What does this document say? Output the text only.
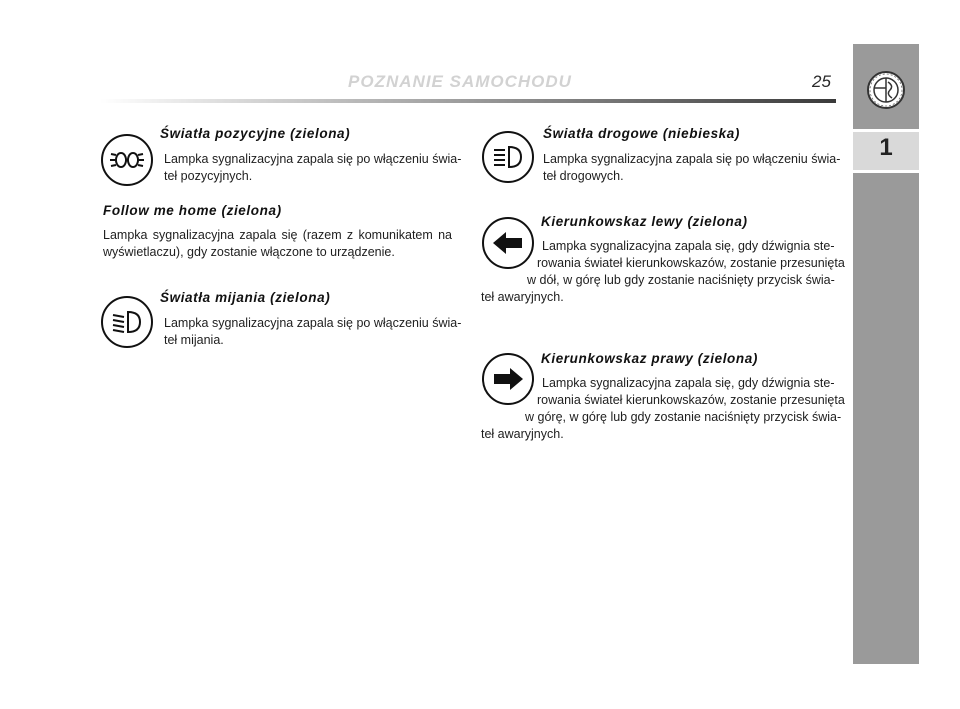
POZNANIE SAMOCHODU	25
1
Światła pozycyjne (zielona)
Lampka sygnalizacyjna zapala się po włączeniu świa-
teł pozycyjnych.
Follow me home (zielona)
Lampka sygnalizacyjna zapala się (razem z komunikatem na
wyświetlaczu), gdy zostanie włączone to urządzenie.
Światła mijania (zielona)
Lampka sygnalizacyjna zapala się po włączeniu świa-
teł mijania.
Światła drogowe (niebieska)
Lampka sygnalizacyjna zapala się po włączeniu świa-
teł drogowych.
Kierunkowskaz lewy (zielona)
Lampka sygnalizacyjna zapala się, gdy dźwignia ste-
rowania świateł kierunkowskazów, zostanie przesunięta
w dół, w górę lub gdy zostanie naciśnięty przycisk świa-
teł awaryjnych.
Kierunkowskaz prawy (zielona)
Lampka sygnalizacyjna zapala się, gdy dźwignia ste-
rowania świateł kierunkowskazów, zostanie przesunięta
w górę, w górę lub gdy zostanie naciśnięty przycisk świa-
teł awaryjnych.
